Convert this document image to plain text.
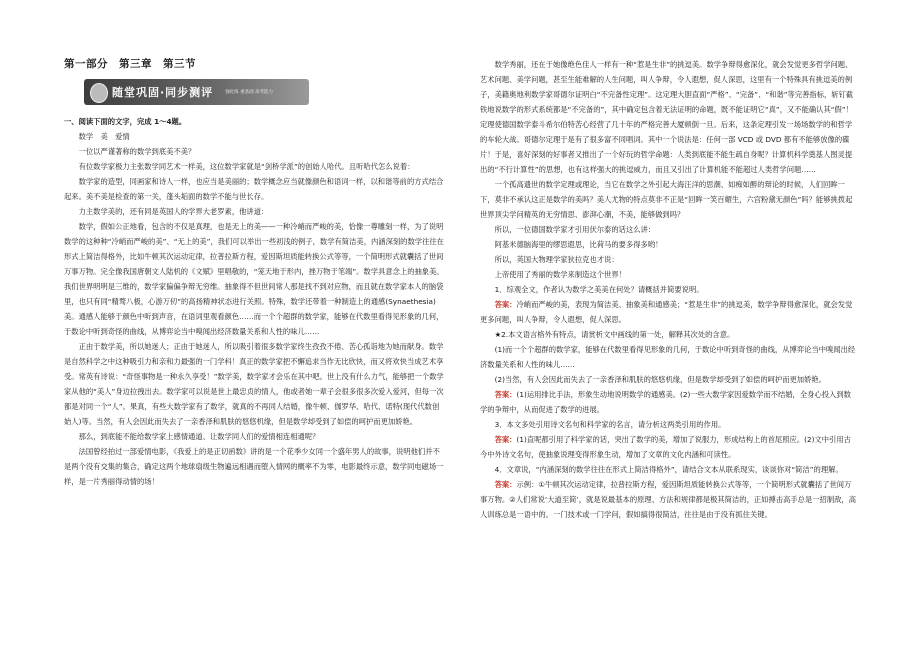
第一部分　第三章　第三节
随堂巩固·同步测评	强化练 重基础 高考能力

一、阅读下面的文字，完成 1～4题。

数学　美　爱情

一位以严谨著称的数学到底美不美？

有位数学家极力主张数学同艺术一样美，这位数学家就是“剑桥学派”的创始人哈代。且听哈代怎么说着：

数学家的造型，同画家和诗人一样，也应当是美丽的；数学概念应当就像颜色和语词一样，以和谐等前的方式结合起来。美不美是检查的第一关，蓬头垢面的数学不能与世长存。

力主数学美的，还有同是英国人的学界大老罗素，他讲道：

数学，假如公正地看，包含的不仅是真理，也是无上的美——一种冷峭而严峻的美，恰像一尊雕刻一样，为了说明数学的这种种“冷峭而严峻的美”、“无上的美”，我们可以举出一些初浅的例子，数学有简洁美，内涵深刻的数学往往在形式上简洁得格外，比如牛顿其次运动定律，拉普拉斯方程，爱因斯坦质能转换公式等等，一个简明形式就囊括了世间万事万物。完全像我国唐朝文人陆机的《文赋》里唱敬的，“笼天地于形内，挫万物于笔端”。数学具意念上的抽象美。我们世界明明是三维的，数学家偏偏争辩无穷维。抽象得不但世间常人那是找不到对应物，而且就在数学家本人的脑袋里，也只有同“精骛八极，心游万仞”的高扬精神状态进行关照。特殊，数学还带着一种制造上的通感(Synaethesia)美。通感人能够于颜色中听到声音，在语词里观看颜色……而一个个超群的数学家，能够在代数里看得见形象的几何，于数论中听到奇怪的曲线，从博弈论当中嗅闻出经济数量关系和人性的味儿……

正由于数学美，所以她迷人；正由于她迷人，所以吸引着很多数学家终生孜孜不倦、苦心孤诣地为她而献身。数学是自然科学之中这种吸引力和亲和力最强的一门学科！真正的数学家把不懈追求当作无比欣快，而又将欢快当成艺术享受。常英有诗说：“奇怪事物是一种永久享受！”数学美，数学家才会乐在其中吧。世上没有什么力气，能够把一个数学家从他的“美人”身边拉拽出去。数学家可以说是世上最忠贞的情人，他或者她一辈子会很多很多次爱入爱河，但每一次都是对同一个“人”。果真，有些大数学家有了数学，就真的不再同人结婚，像牛顿、伽罗华、哈代、诺特(现代代数创始人)等。当然，有人会因此而失去了一亲香泽和肌肤的悠悠机缘，但是数学却受到了如偿的呵护而更加娇艳。

那么，到底能不能给数学家上感情通道、让数学同人们的爱情相连相通呢？

法国曾经拍过一部爱情电影，《我爱上的是正切函数》讲的是一个花季少女同一个盛年男人的故事，说明他们并不是两个没有交集的集合，确定这两个地球扇级生物遍远相遇而堕入情网的概率不为零，电影最终示意，数学同电磁场一样，是一片秀丽得动情的场！

数学秀丽，还在于她像绝色佳人一样有一种“惹是生非”的挑逗美。数学争辩得愈深化，就会发觉更多哲学问题、艺术问题、美学问题，甚至生能难解的人生问题，叫人争辩，令人遐想，促人深思，这里有一个特殊具有挑逗美的例子，美籍奥地利数学家哥德尔证明白“不完备性定理”。这定理大胆直面“严格”、“完备”、“和谐”等完善指标，斩钉截铁地说数学的形式系统都是“不完备的”，其中确定包含着无法证明的命题，既不能证明它“真”，又不能确认其“假”！定理使德国数学泰斗希尔伯特苦心经营了几十年的严格完善大厦顿倒一旦。后来，这条定理引发一场场数学的和哲学的车轮大战。哥德尔定理于是有了很多富不同唱词。其中一个说法是：任何一部 VCD 或 DVD 都有不能够放像的碟片！于是，喜好深刻的好事者又推出了一个好玩的哲学命题：人类到底能不能生疏自身呢？计算机科学奠基人图灵提出的“不行计算性”的思想，也有这样强大的挑逗威力，而且又引出了计算机能不能超过人类哲学问题……

一个孤高遗世的数学定理或理论，当它在数学之外引起大海汪洋的思潮、如痴如醉的辩论的时候，人们回眸一下，莫非不承认这正是数学的美吗？美人尤物的特点莫非不正是“回眸一笑百媚生，六宫粉黛无颜色”吗？能够挑拨起世界顶尖学问精英的无穷情思、澎湃心潮，不美，能够做到吗？

所以，一位德国数学家才引用伏尔泰的话这么讲：

阿基米德脑海里的缪思遐思，比荷马的要多得多哟！

所以，英国大物理学家狄拉克也才说：

上帝使用了秀丽的数学来制造这个世界！

1．综观全文，作者认为数学之美美在何处？请概括并简要说明。

答案：冷峭而严峻的美，表现为简洁美、抽象美和通感美；“惹是生非”的挑逗美，数学争辩得愈深化，就会发觉更多问题，叫人争辩，令人遐想，促人深思。

★2.本文语言格外有特点，请赏析文中画线的第一处，解释其次处的含意。

(1)而一个个超群的数学家，能够在代数里看得见形象的几何，于数论中听到奇怪的曲线，从博弈论当中嗅闻出经济数量关系和人性的味儿……

(2)当然，有人会因此而失去了一亲香泽和肌肤的悠悠机缘，但是数学却受到了如偿的呵护而更加娇艳。

答案：(1)运用排比手法，形象生动地说明数学的通感美。(2)一些大数学家因爱数学而不结婚，全身心投入到数学的争辩中，从而促进了数学的进展。

3．本文多处引用诗文名句和科学家的名言，请分析这两类引用的作用。

答案：(1)直呢都引用了科学家的话，突出了数学的美，增加了说服力，形成结构上的首尾照应。(2)文中引用古今中外诗文名句，使抽象说理变得形象生动，增加了文章的文化内涵和可读性。

4．文章说，“内涵深刻的数学往往在形式上简洁得格外”，请结合文本从联系现实，谈谈你对“简洁”的理解。

答案：示例：①牛顿其次运动定律，拉普拉斯方程，爱因斯坦质能转换公式等等，一个简明形式就囊括了世间万事万物。②人们常说‘大道至简’，就是说最基本的原理、方法和规律都是极其简洁的，正如搏击高手总是一招制敌，高人训练总是一语中的。一门技术或一门学问，假如搞得很简洁，往往是由于没有抓住关键。
